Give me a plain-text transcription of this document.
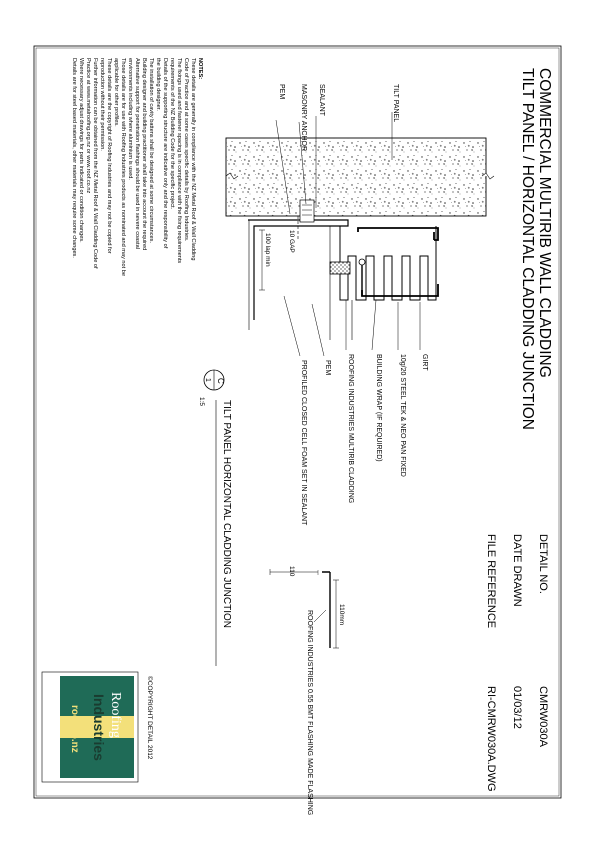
COMMERCIAL MULTIRIB WALL CLADDING
TILT PANEL / HORIZONTAL CLADDING JUNCTION
DETAIL NO.
CMRW030A
DATE DRAWN
01/03/12
FILE REFERENCE
RI-CMRW030A.DWG
©COPYRIGHT DETAIL 2012
Roofing
Industries
roof.co.nz
NOTES:
These details are generally in compliance with the NZ Metal Roof & Wall Cladding
Code of Practice and at some cases specific details by Roofing Industries.
The fixings used and fastener spacing is in compliance with the fixing requirements
requirements of the NZ Building Code for the specific project.
Details of the supporting structure are indicative only and the responsibility of
the building designer.
The installation of cavity battens shall be designed at some circumstances.
Building designer and building practitioner shall take into account the required
Alternative support for penetration flashings should be used in severe coastal
environments including where aluminium is used.
Those details are for use with Roofing Industries products as nominated and may not be
applicable for other profiles.
These details are the copyright of Roofing Industries and may not be copied for
reproduction without their permission.
Further information can be obtained from the NZ Metal Roof & Wall Cladding Code of
Practice at www.metalroofing.org.nz or www.roof.co.nz
Where necessary adjust drawings for parts indicated or condition changes.
Details are for steel based materials, other materials may require some changes.	100 lap min	10 GAP
TILT PANEL
SEALANT
MASONRY ANCHOR
PEM
GIRT
10g/20 STEEL TEK & NEO PAN FIXED
BUILDING WRAP (IF REQUIRED)
ROOFING INDUSTRIES MULTIRIB CLADDING
PEM
PROFILED CLOSED CELL FOAM SET IN SEALANT
C
1
1:5 TILT PANEL HORIZONTAL CLADDING JUNCTION	110
110mm
ROOFING INDUSTRIES 0.55 BMT FLASHING MADE FLASHING
